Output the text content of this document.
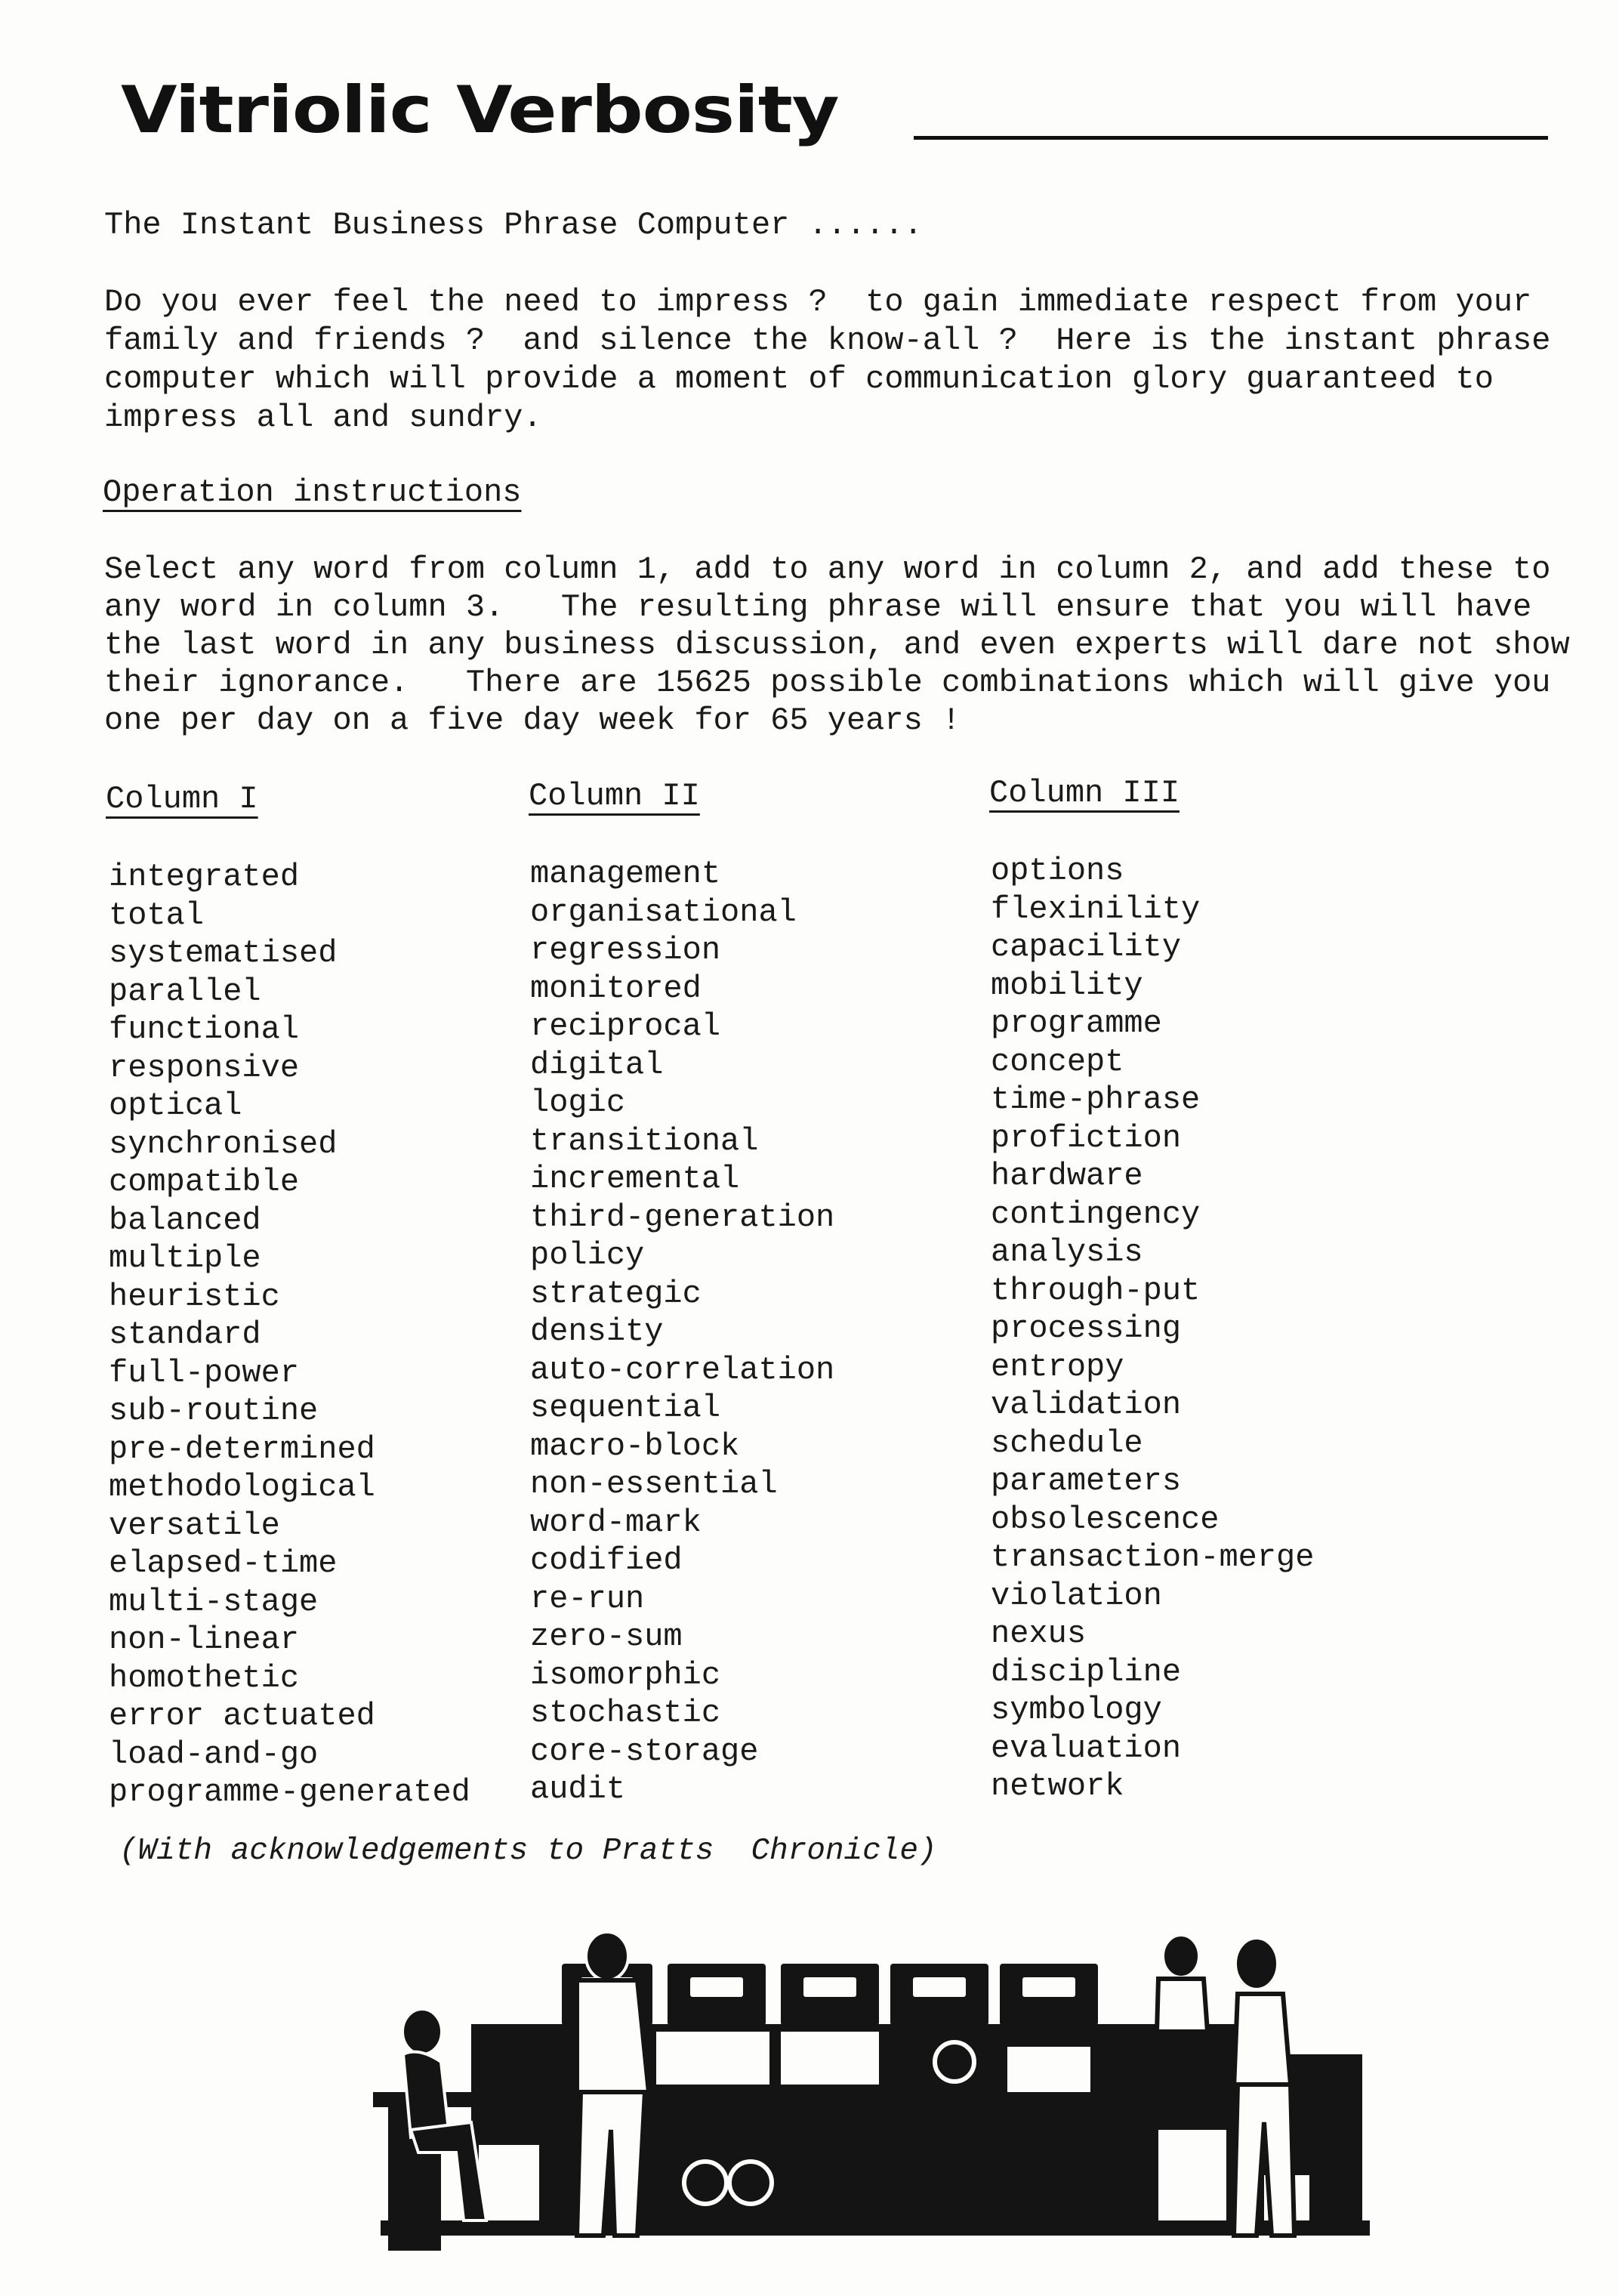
Vitriolic Verbosity
The Instant Business Phrase Computer ......
Do you ever feel the need to impress ?  to gain immediate respect from your
family and friends ?  and silence the know-all ?  Here is the instant phrase
computer which will provide a moment of communication glory guaranteed to
impress all and sundry.
Operation instructions
Select any word from column 1, add to any word in column 2, and add these to
any word in column 3.   The resulting phrase will ensure that you will have
the last word in any business discussion, and even experts will dare not show
their ignorance.   There are 15625 possible combinations which will give you
one per day on a five day week for 65 years !
Column I	Column II	Column III
integrated
total
systematised
parallel
functional
responsive
optical
synchronised
compatible
balanced
multiple
heuristic
standard
full-power
sub-routine
pre-determined
methodological
versatile
elapsed-time
multi-stage
non-linear
homothetic
error actuated
load-and-go
programme-generated
management
organisational
regression
monitored
reciprocal
digital
logic
transitional
incremental
third-generation
policy
strategic
density
auto-correlation
sequential
macro-block
non-essential
word-mark
codified
re-run
zero-sum
isomorphic
stochastic
core-storage
audit
options
flexinility
capacility
mobility
programme
concept
time-phrase
profiction
hardware
contingency
analysis
through-put
processing
entropy
validation
schedule
parameters
obsolescence
transaction-merge
violation
nexus
discipline
symbology
evaluation
network
(With acknowledgements to Pratts  Chronicle)
